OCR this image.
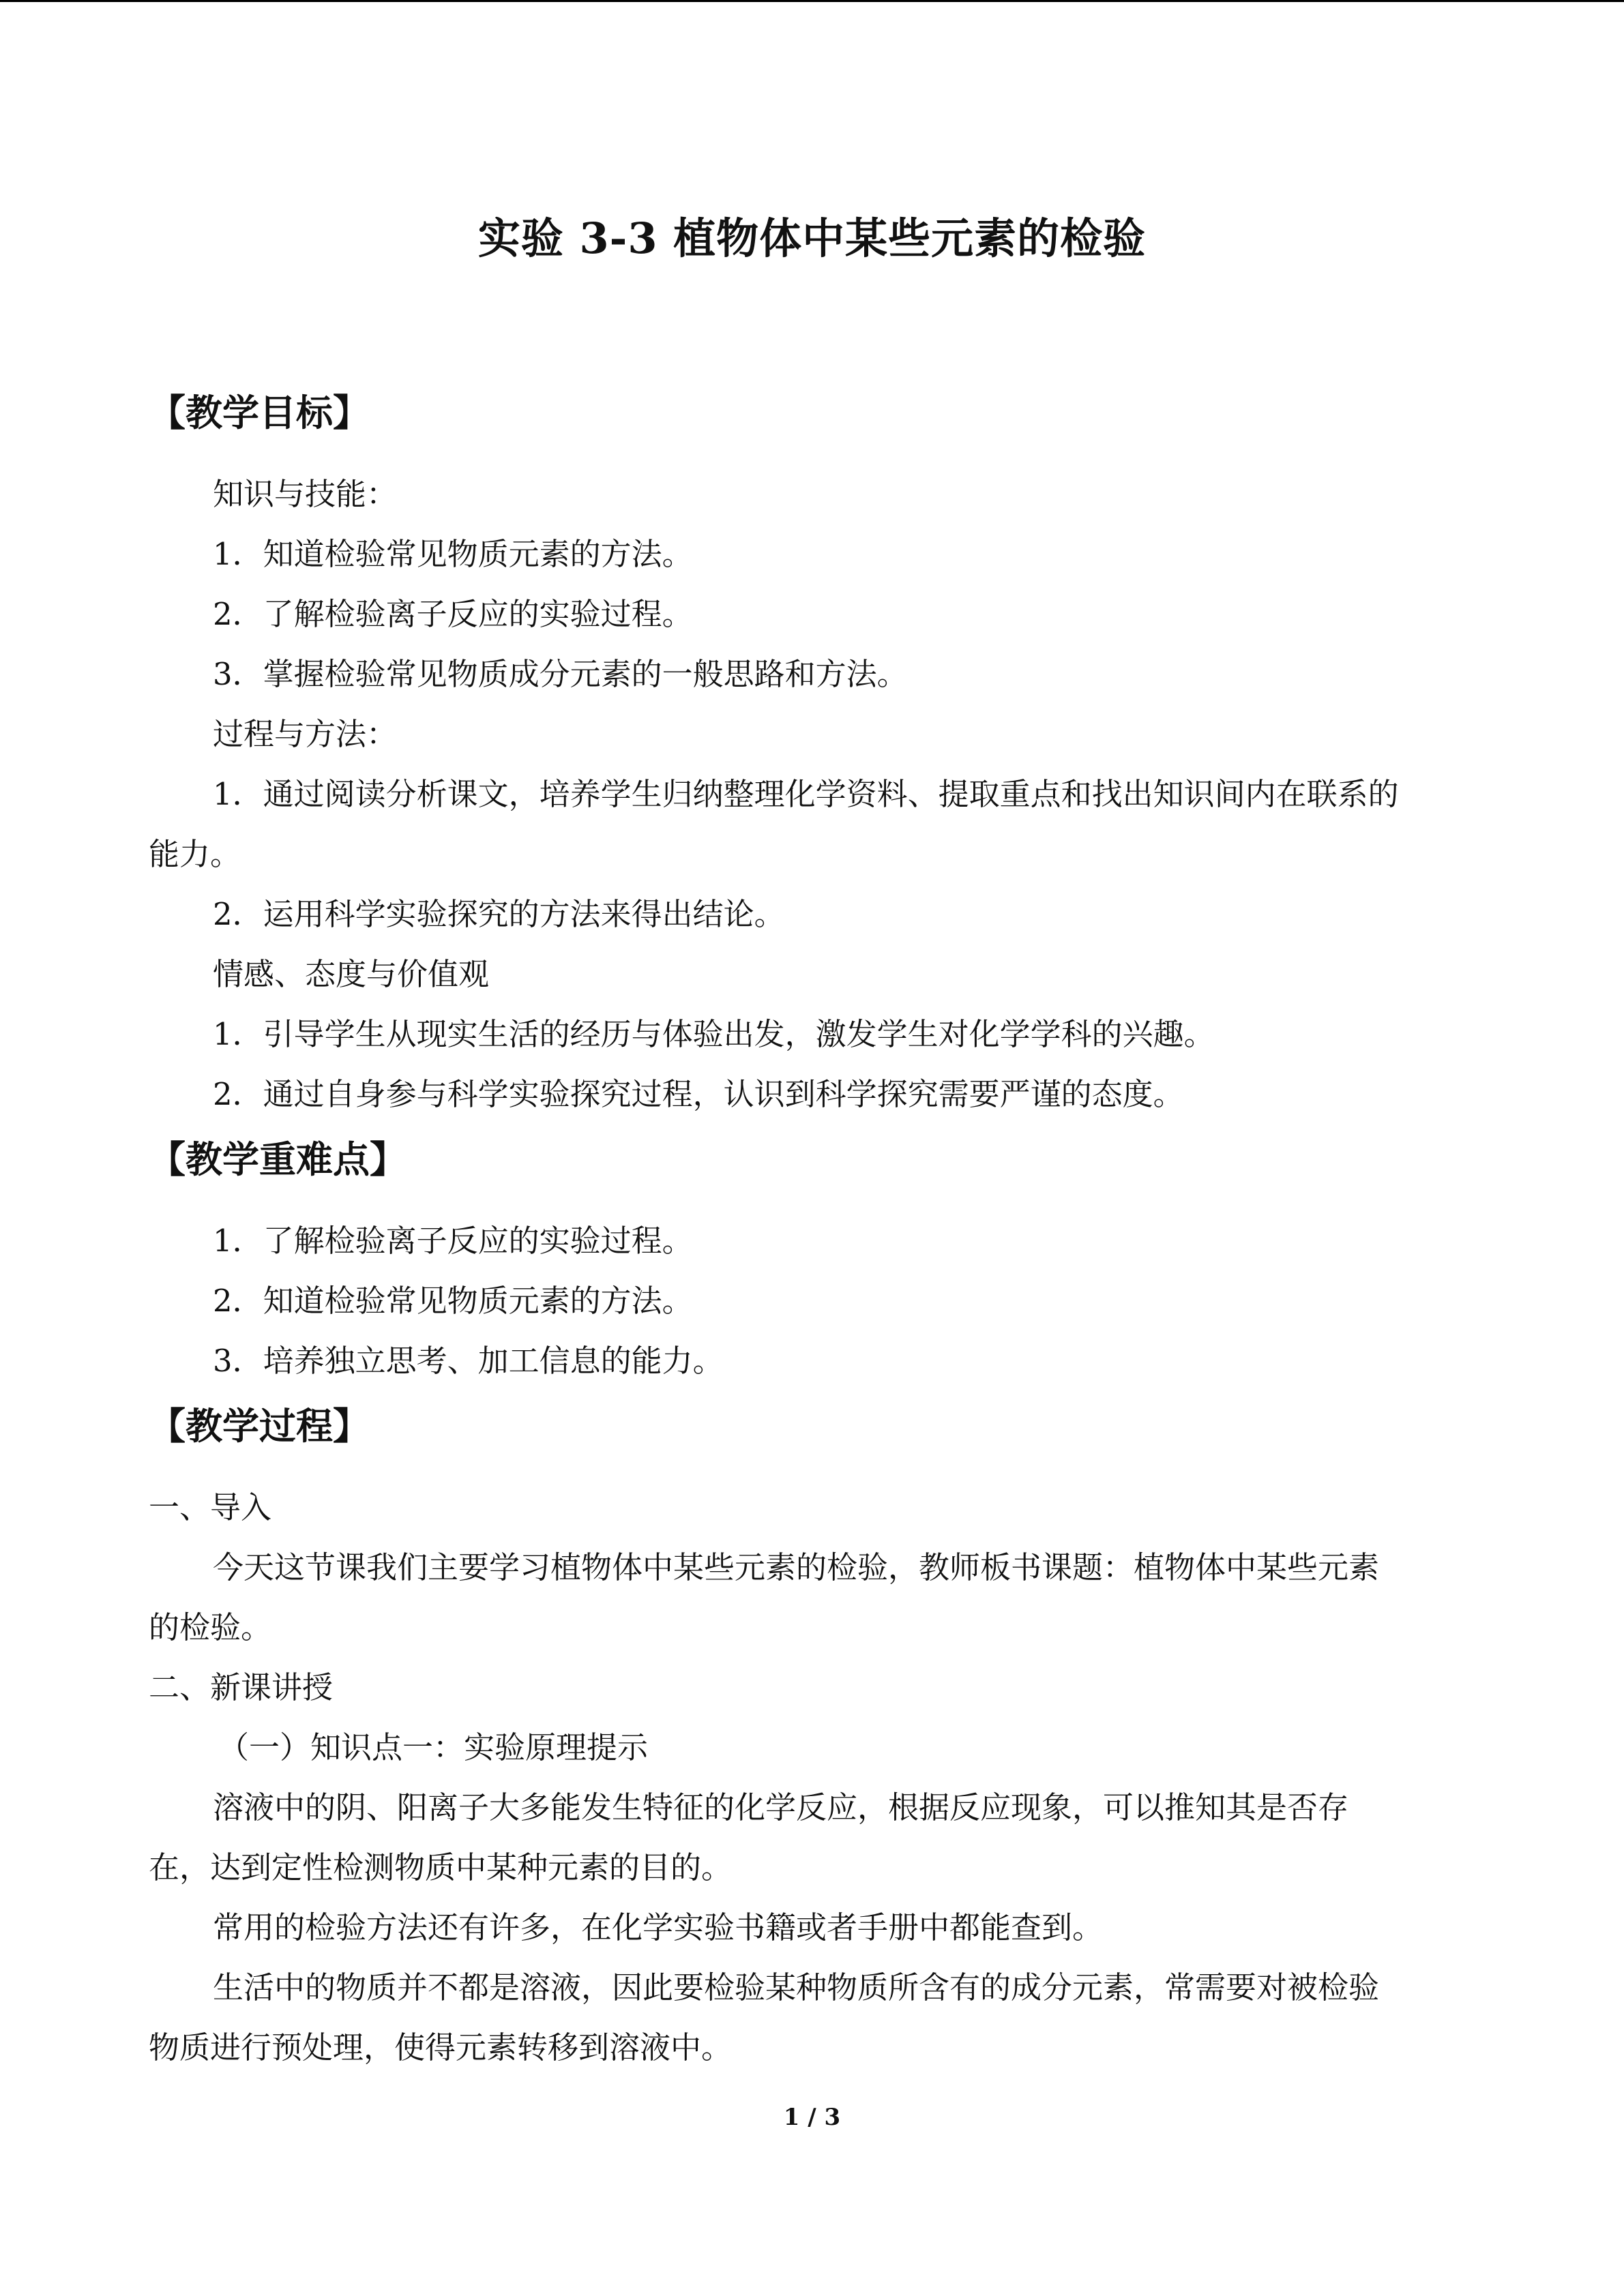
实验 3-3 植物体中某些元素的检验
【教学目标】
知识与技能：
1．知道检验常见物质元素的方法。
2．了解检验离子反应的实验过程。
3．掌握检验常见物质成分元素的一般思路和方法。
过程与方法：
1．通过阅读分析课文，培养学生归纳整理化学资料、提取重点和找出知识间内在联系的
能力。
2．运用科学实验探究的方法来得出结论。
情感、态度与价值观
1．引导学生从现实生活的经历与体验出发，激发学生对化学学科的兴趣。
2．通过自身参与科学实验探究过程，认识到科学探究需要严谨的态度。
【教学重难点】
1．了解检验离子反应的实验过程。
2．知道检验常见物质元素的方法。
3．培养独立思考、加工信息的能力。
【教学过程】
一、导入
今天这节课我们主要学习植物体中某些元素的检验，教师板书课题：植物体中某些元素
的检验。
二、新课讲授
（一）知识点一：实验原理提示
溶液中的阴、阳离子大多能发生特征的化学反应，根据反应现象，可以推知其是否存
在，达到定性检测物质中某种元素的目的。
常用的检验方法还有许多，在化学实验书籍或者手册中都能查到。
生活中的物质并不都是溶液，因此要检验某种物质所含有的成分元素，常需要对被检验
物质进行预处理，使得元素转移到溶液中。
1 / 3
